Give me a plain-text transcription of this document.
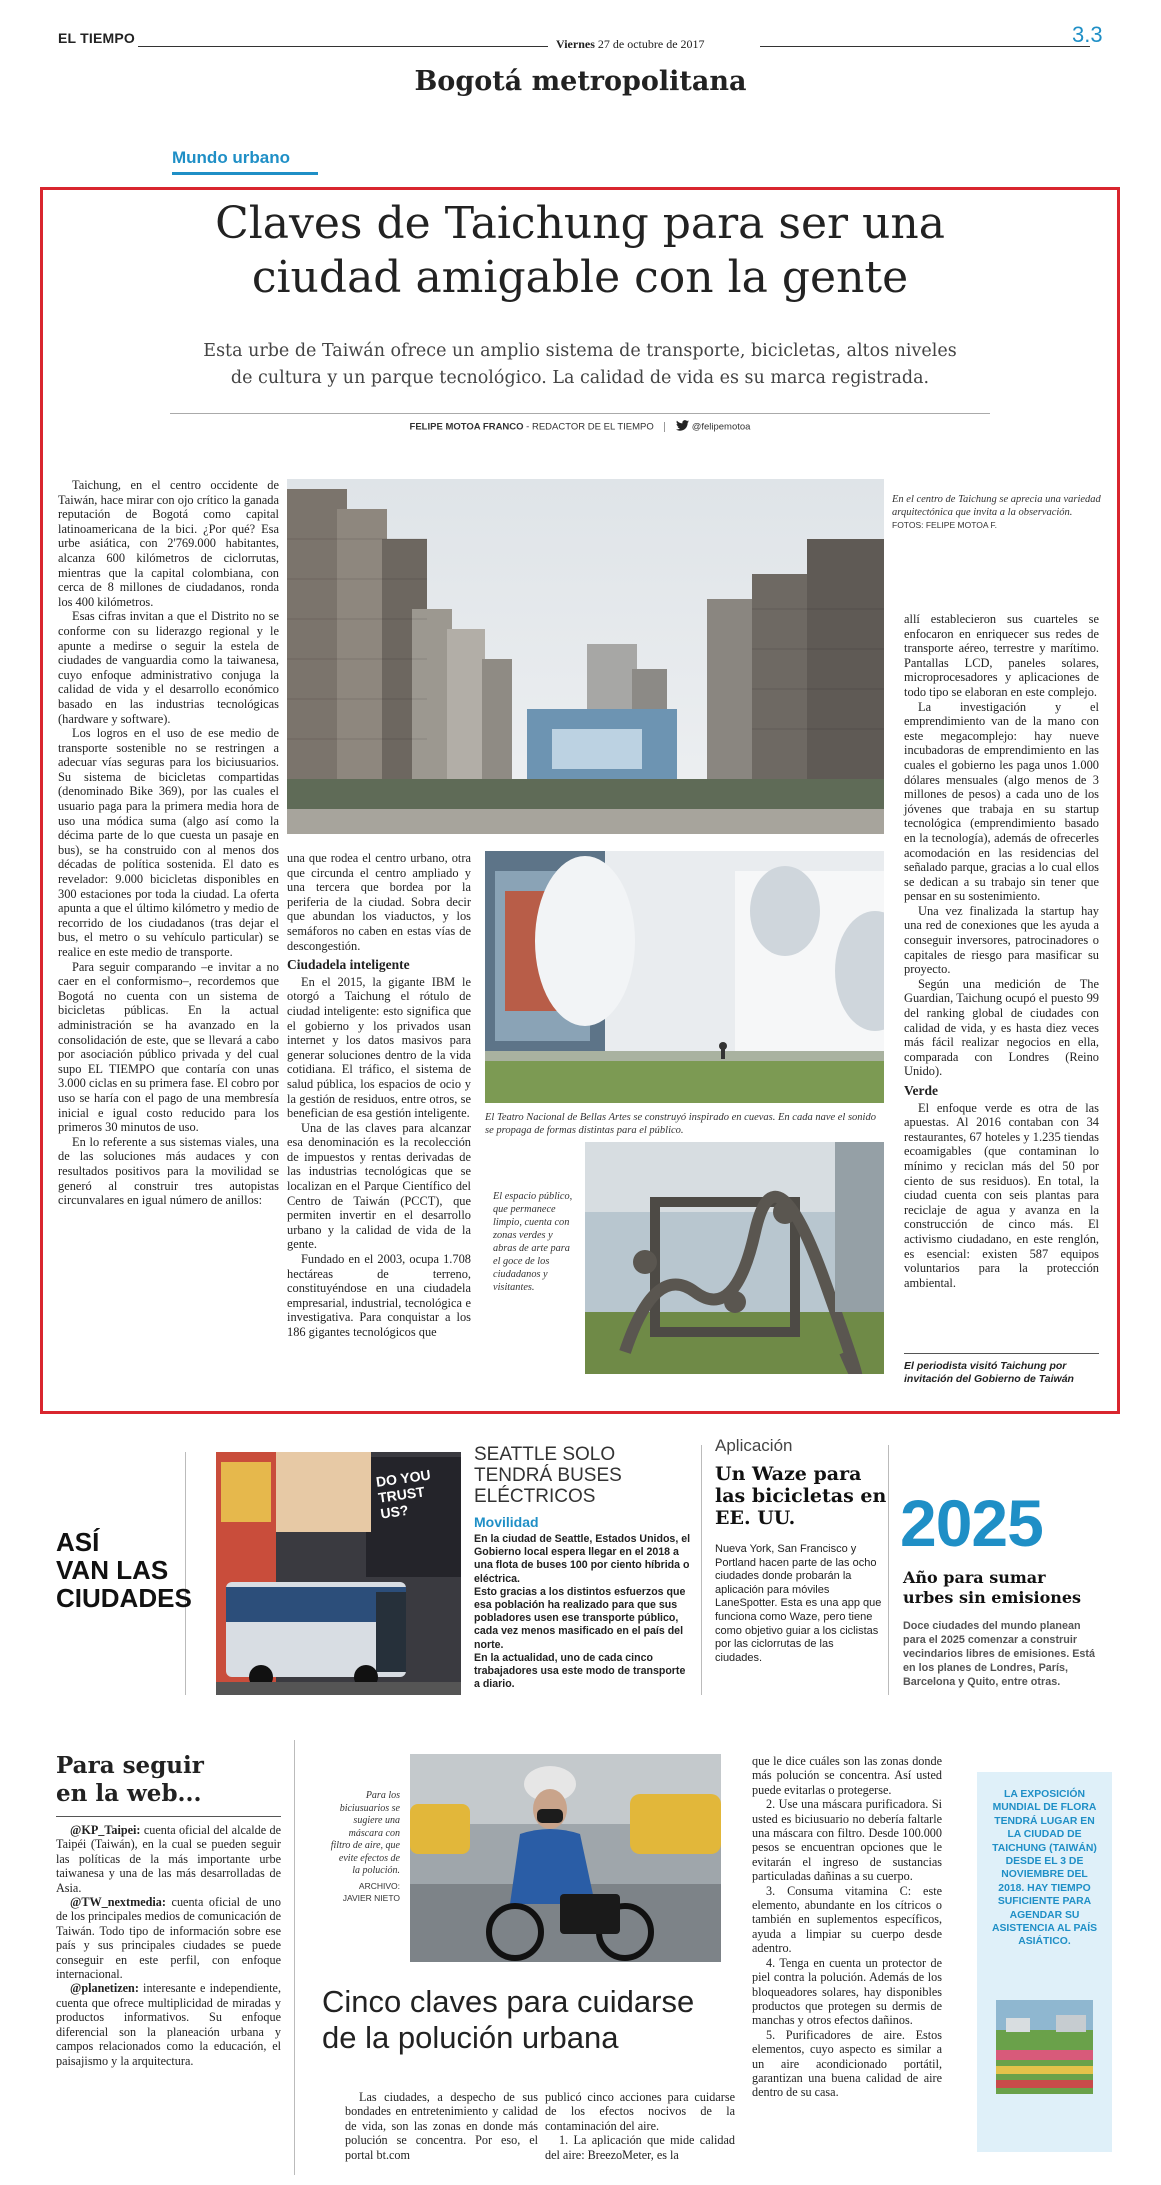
EL TIEMPO	Viernes 27 de octubre de 2017	3.3
Bogotá metropolitana
Mundo urbano
Claves de Taichung para ser una
ciudad amigable con la gente
Esta urbe de Taiwán ofrece un amplio sistema de transporte, bicicletas, altos niveles
de cultura y un parque tecnológico. La calidad de vida es su marca registrada.
FELIPE MOTOA FRANCO - REDACTOR DE EL TIEMPO	@felipemotoa

Taichung, en el centro occidente de Taiwán, hace mirar con ojo crítico la ganada reputación de Bogotá como capital latinoamericana de la bici. ¿Por qué? Esa urbe asiática, con 2'769.000 habitantes, alcanza 600 kilómetros de ciclorrutas, mientras que la capital colombiana, con cerca de 8 millones de ciudadanos, ronda los 400 kilómetros.

Esas cifras invitan a que el Distrito no se conforme con su liderazgo regional y le apunte a medirse o seguir la estela de ciudades de vanguardia como la taiwanesa, cuyo enfoque administrativo conjuga la calidad de vida y el desarrollo económico basado en las industrias tecnológicas (hardware y software).

Los logros en el uso de ese medio de transporte sostenible no se restringen a adecuar vías seguras para los biciusuarios. Su sistema de bicicletas compartidas (denominado Bike 369), por las cuales el usuario paga para la primera media hora de uso una módica suma (algo así como la décima parte de lo que cuesta un pasaje en bus), se ha construido con al menos dos décadas de política sostenida. El dato es revelador: 9.000 bicicletas disponibles en 300 estaciones por toda la ciudad. La oferta apunta a que el último kilómetro y medio de recorrido de los ciudadanos (tras dejar el bus, el metro o su vehículo particular) se realice en este medio de transporte.

Para seguir comparando –e invitar a no caer en el conformismo–, recordemos que Bogotá no cuenta con un sistema de bicicletas públicas. En la actual administración se ha avanzado en la consolidación de este, que se llevará a cabo por asociación público privada y del cual supo EL TIEMPO que contaría con unas 3.000 ciclas en su primera fase. El cobro por uso se haría con el pago de una membresía inicial e igual costo reducido para los primeros 30 minutos de uso.

En lo referente a sus sistemas viales, una de las soluciones más audaces y con resultados positivos para la movilidad se generó al construir tres autopistas circunvalares en igual número de anillos:

En el centro de Taichung se aprecia una variedad arquitectónica que invita a la observación. FOTOS: FELIPE MOTOA F.

una que rodea el centro urbano, otra que circunda el centro ampliado y una tercera que bordea por la periferia de la ciudad. Sobra decir que abundan los viaductos, y los semáforos no caben en estas vías de descongestión.

Ciudadela inteligente

En el 2015, la gigante IBM le otorgó a Taichung el rótulo de ciudad inteligente: esto significa que el gobierno y los privados usan internet y los datos masivos para generar soluciones dentro de la vida cotidiana. El tráfico, el sistema de salud pública, los espacios de ocio y la gestión de residuos, entre otros, se benefician de esa gestión inteligente.

Una de las claves para alcanzar esa denominación es la recolección de impuestos y rentas derivadas de las industrias tecnológicas que se localizan en el Parque Científico del Centro de Taiwán (PCCT), que permiten invertir en el desarrollo urbano y la calidad de vida de la gente.

Fundado en el 2003, ocupa 1.708 hectáreas de terreno, constituyéndose en una ciudadela empresarial, industrial, tecnológica e investigativa. Para conquistar a los 186 gigantes tecnológicos que

El Teatro Nacional de Bellas Artes se construyó inspirado en cuevas. En cada nave el sonido se propaga de formas distintas para el público.
El espacio público, que permanece limpio, cuenta con zonas verdes y abras de arte para el goce de los ciudadanos y visitantes.

allí establecieron sus cuarteles se enfocaron en enriquecer sus redes de transporte aéreo, terrestre y marítimo. Pantallas LCD, paneles solares, microprocesadores y aplicaciones de todo tipo se elaboran en este complejo.

La investigación y el emprendimiento van de la mano con este megacomplejo: hay nueve incubadoras de emprendimiento en las cuales el gobierno les paga unos 1.000 dólares mensuales (algo menos de 3 millones de pesos) a cada uno de los jóvenes que trabaja en su startup tecnológica (emprendimiento basado en la tecnología), además de ofrecerles acomodación en las residencias del señalado parque, gracias a lo cual ellos se dedican a su trabajo sin tener que pensar en su sostenimiento.

Una vez finalizada la startup hay una red de conexiones que les ayuda a conseguir inversores, patrocinadores o capitales de riesgo para masificar su proyecto.

Según una medición de The Guardian, Taichung ocupó el puesto 99 del ranking global de ciudades con calidad de vida, y es hasta diez veces más fácil realizar negocios en ella, comparada con Londres (Reino Unido).

Verde

El enfoque verde es otra de las apuestas. Al 2016 contaban con 34 restaurantes, 67 hoteles y 1.235 tiendas ecoamigables (que contaminan lo mínimo y reciclan más del 50 por ciento de sus residuos). En total, la ciudad cuenta con seis plantas para reciclaje de agua y avanza en la construcción de cinco más. El activismo ciudadano, en este renglón, es esencial: existen 587 equipos voluntarios para la protección ambiental.

El periodista visitó Taichung por invitación del Gobierno de Taiwán
ASÍ
VAN LAS
CIUDADES
DO YOU
TRUST
US?
SEATTLE SOLO TENDRÁ BUSES ELÉCTRICOS
Movilidad

En la ciudad de Seattle, Estados Unidos, el Gobierno local espera llegar en el 2018 a una flota de buses 100 por ciento híbrida o eléctrica.

Esto gracias a los distintos esfuerzos que esa población ha realizado para que sus pobladores usen ese transporte público, cada vez menos masificado en el país del norte.

En la actualidad, uno de cada cinco trabajadores usa este modo de transporte a diario.

Aplicación
Un Waze para las bicicletas en EE. UU.
Nueva York, San Francisco y Portland hacen parte de las ocho ciudades donde probarán la aplicación para móviles LaneSpotter. Esta es una app que funciona como Waze, pero tiene como objetivo guiar a los ciclistas por las ciclorrutas de las ciudades.
2025
Año para sumar urbes sin emisiones
Doce ciudades del mundo planean para el 2025 comenzar a construir vecindarios libres de emisiones. Está en los planes de Londres, París, Barcelona y Quito, entre otras.
Para seguir
en la web...

@KP_Taipei: cuenta oficial del alcalde de Taipéi (Taiwán), en la cual se pueden seguir las políticas de la más importante urbe taiwanesa y una de las más desarrolladas de Asia.

@TW_nextmedia: cuenta oficial de uno de los principales medios de comunicación de Taiwán. Todo tipo de información sobre ese país y sus principales ciudades se puede conseguir en este perfil, con enfoque internacional.

@planetizen: interesante e independiente, cuenta que ofrece multiplicidad de miradas y productos informativos. Su enfoque diferencial son la planeación urbana y campos relacionados como la educación, el paisajismo y la arquitectura.

Para los biciusuarios se sugiere una máscara con filtro de aire, que evite efectos de la polución.
ARCHIVO: JAVIER NIETO
Cinco claves para cuidarse
de la polución urbana

Las ciudades, a despecho de sus bondades en entretenimiento y calidad de vida, son las zonas en donde más polución se concentra. Por eso, el portal bt.com

publicó cinco acciones para cuidarse de los efectos nocivos de la contaminación del aire.

1. La aplicación que mide calidad del aire: BreezoMeter, es la

que le dice cuáles son las zonas donde más polución se concentra. Así usted puede evitarlas o protegerse.

2. Use una máscara purificadora. Si usted es biciusuario no debería faltarle una máscara con filtro. Desde 100.000 pesos se encuentran opciones que le evitarán el ingreso de sustancias particuladas dañinas a su cuerpo.

3. Consuma vitamina C: este elemento, abundante en los cítricos o también en suplementos específicos, ayuda a limpiar su cuerpo desde adentro.

4. Tenga en cuenta un protector de piel contra la polución. Además de los bloqueadores solares, hay disponibles productos que protegen su dermis de manchas y otros efectos dañinos.

5. Purificadores de aire. Estos elementos, cuyo aspecto es similar a un aire acondicionado portátil, garantizan una buena calidad de aire dentro de su casa.

LA EXPOSICIÓN MUNDIAL DE FLORA TENDRÁ LUGAR EN LA CIUDAD DE TAICHUNG (TAIWÁN) DESDE EL 3 DE NOVIEMBRE DEL 2018. HAY TIEMPO SUFICIENTE PARA AGENDAR SU ASISTENCIA AL PAÍS ASIÁTICO.
